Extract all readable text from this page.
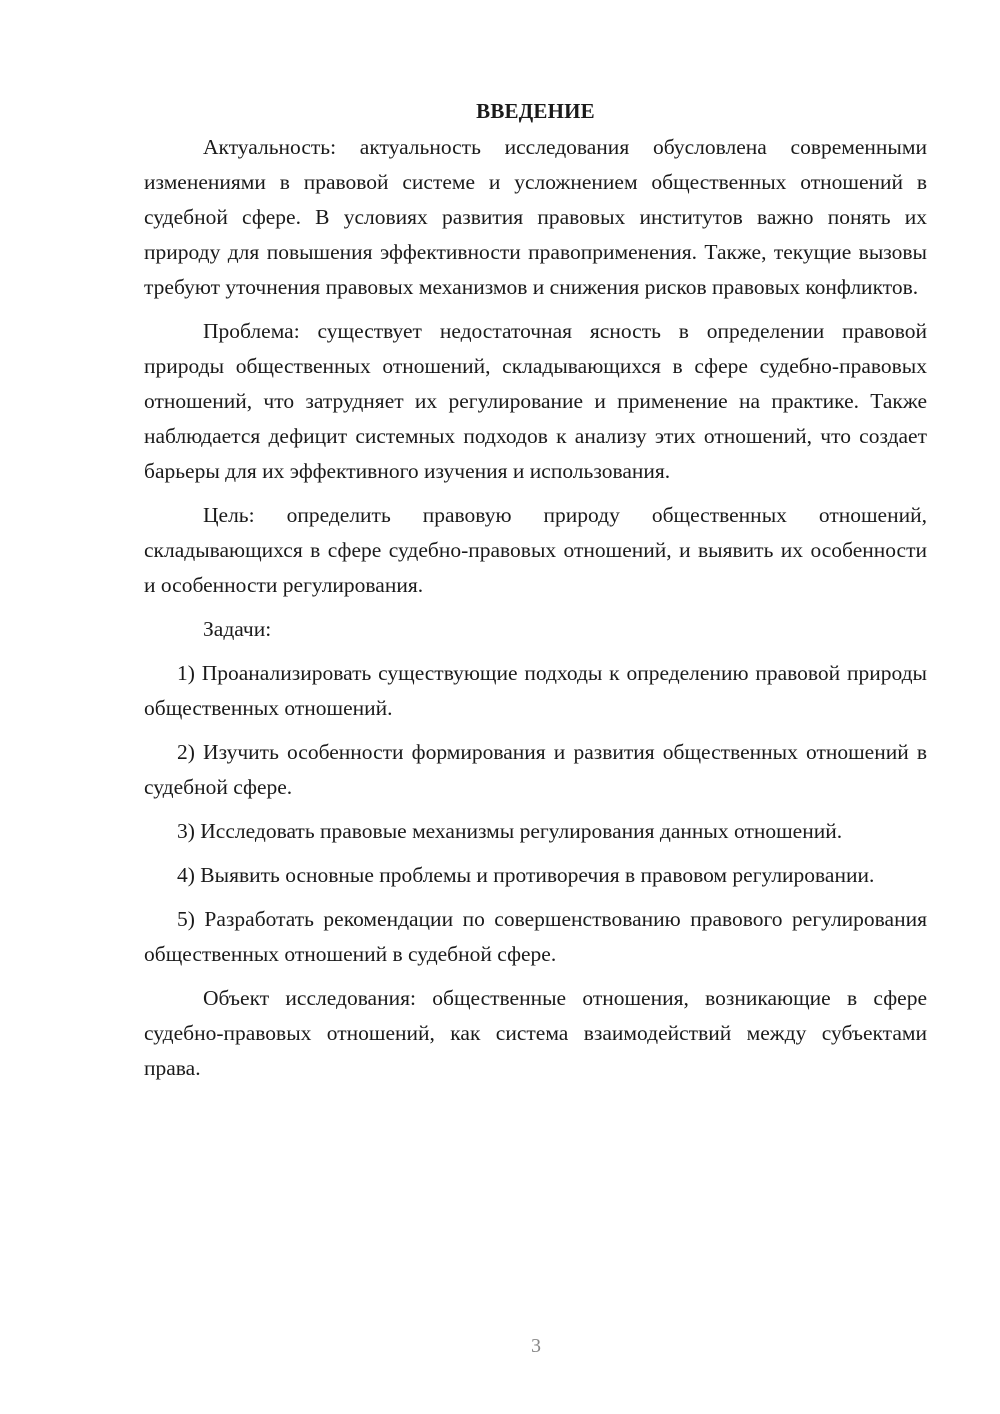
ВВЕДЕНИЕ

Актуальность: актуальность исследования обусловлена современными изменениями в правовой системе и усложнением общественных отношений в судебной сфере. В условиях развития правовых институтов важно понять их природу для повышения эффективности правоприменения. Также, текущие вызовы требуют уточнения правовых механизмов и снижения рисков правовых конфликтов.

Проблема: существует недостаточная ясность в определении правовой природы общественных отношений, складывающихся в сфере судебно-правовых отношений, что затрудняет их регулирование и применение на практике. Также наблюдается дефицит системных подходов к анализу этих отношений, что создает барьеры для их эффективного изучения и использования.

Цель: определить правовую природу общественных отношений, складывающихся в сфере судебно-правовых отношений, и выявить их особенности и особенности регулирования.

Задачи:

1) Проанализировать существующие подходы к определению правовой природы общественных отношений.

2) Изучить особенности формирования и развития общественных отношений в судебной сфере.

3) Исследовать правовые механизмы регулирования данных отношений.

4) Выявить основные проблемы и противоречия в правовом регулировании.

5) Разработать рекомендации по совершенствованию правового регулирования общественных отношений в судебной сфере.

Объект исследования: общественные отношения, возникающие в сфере судебно-правовых отношений, как система взаимодействий между субъектами права.

3
